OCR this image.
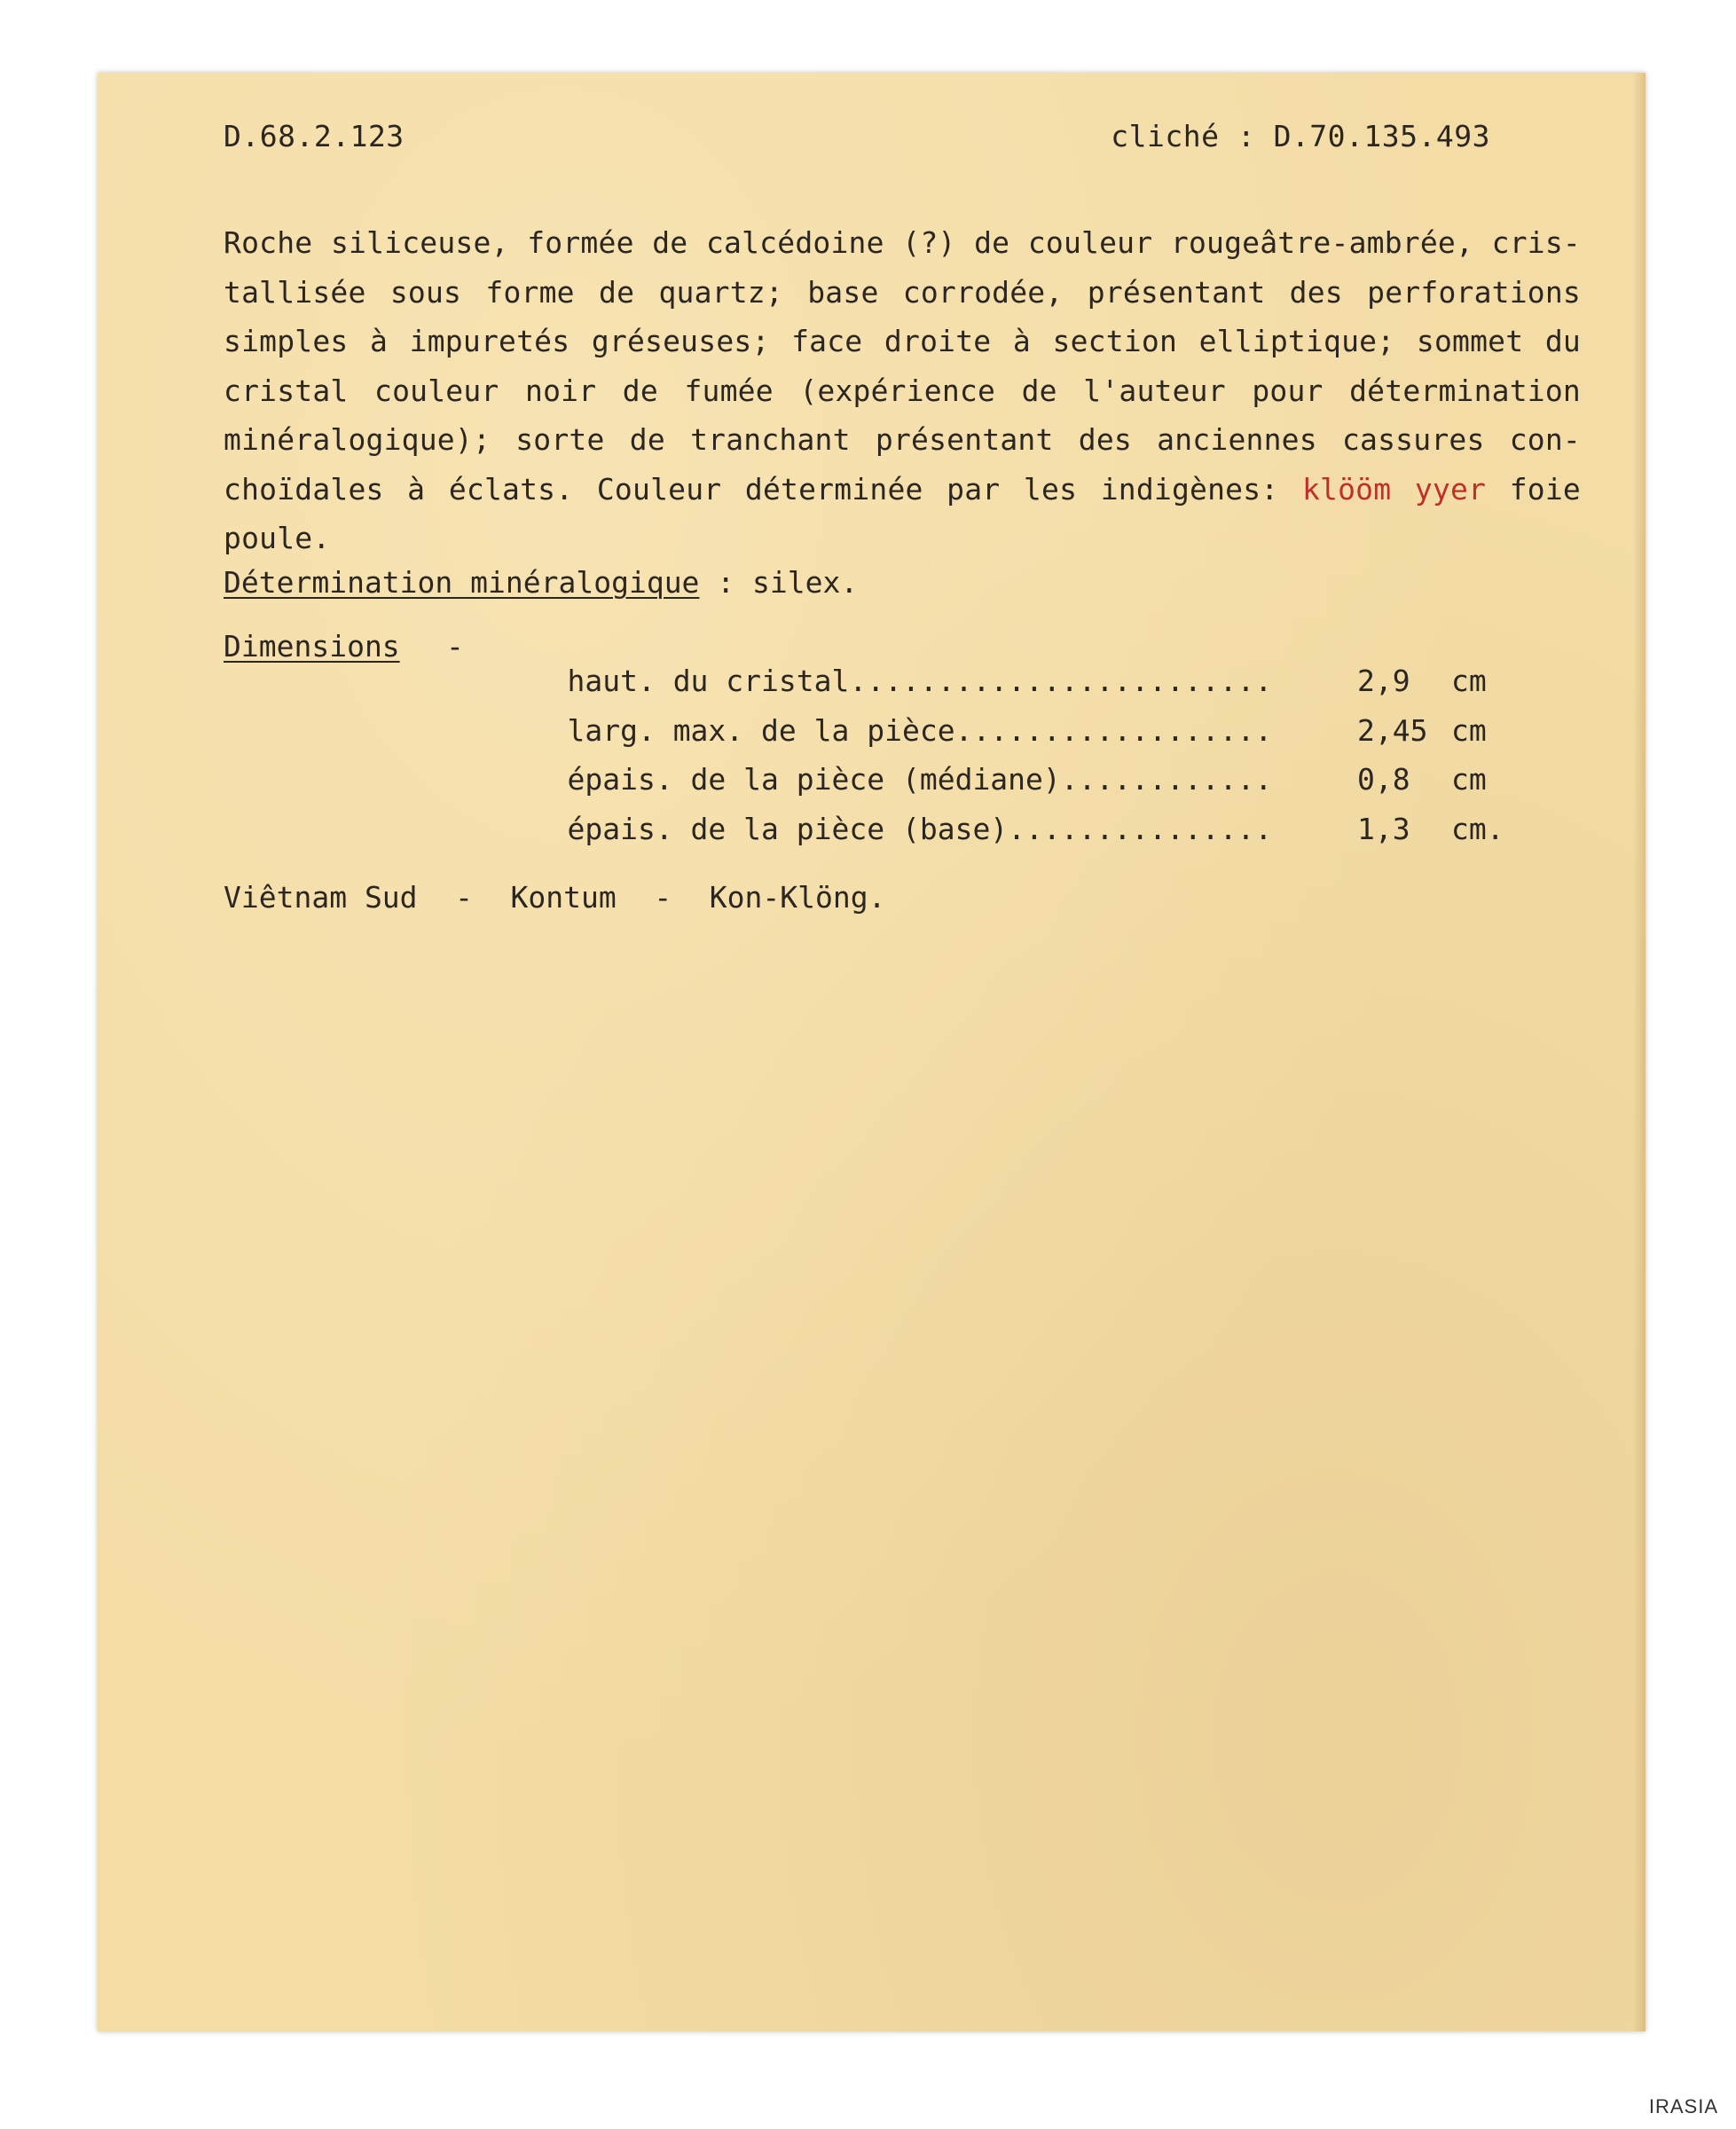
D.68.2.123	cliché : D.70.135.493
Roche siliceuse, formée de calcédoine (?) de couleur rougeâtre-ambrée, cris-tallisée sous forme de quartz; base corrodée, présentant des perforations simples à impuretés gréseuses; face droite à section elliptique; sommet du cristal couleur noir de fumée (expérience de l'auteur pour détermination minéralogique); sorte de tranchant présentant des anciennes cassures con-choïdales à éclats. Couleur déterminée par les indigènes: klööm yyer foie poule.
Détermination minéralogique : silex.
Dimensions -

haut. du cristal........................	2,9	cm

larg. max. de la pièce..................	2,45 cm

épais. de la pièce (médiane)............	0,8	cm

épais. de la pièce (base)...............	1,3	cm.

Viêtnam Sud - Kontum - Kon-Klöng.
IRASIA
